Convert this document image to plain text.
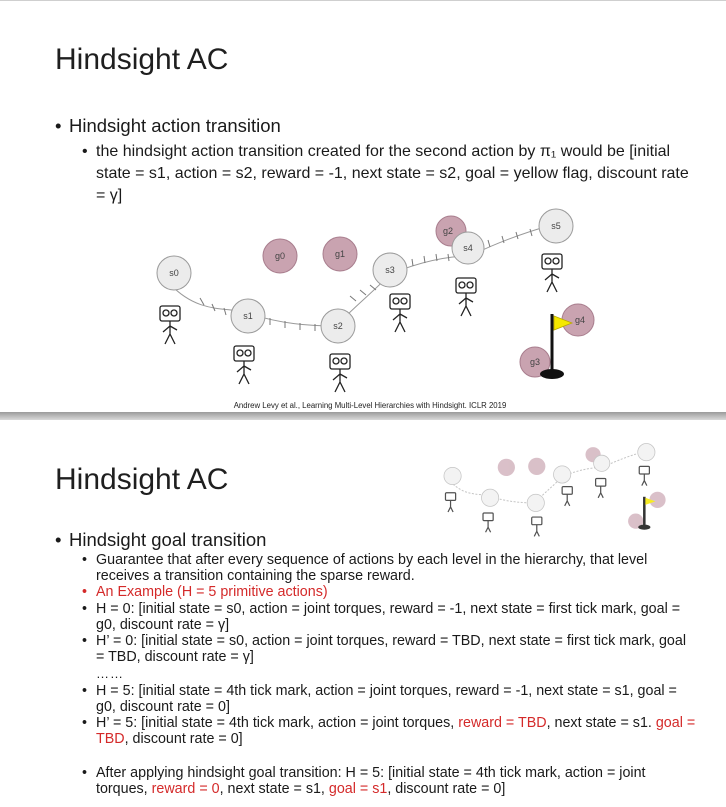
Hindsight AC
• Hindsight action transition
• the hindsight action transition created for the second action by π₁ would be [initial state = s1, action = s2, reward = -1, next state = s2, goal = yellow flag, discount rate = γ]
s0
s1
s2
s3
s4
s5
g0	g1
g2
g3
g4
Andrew Levy et al., Learning Multi-Level Hierarchies with Hindsight. ICLR 2019
Hindsight AC
• Hindsight goal transition
• Guarantee that after every sequence of actions by each level in the hierarchy, that level receives a transition containing the sparse reward.
• An Example (H = 5 primitive actions)
• H = 0: [initial state = s0, action = joint torques, reward = -1, next state = first tick mark, goal = g0, discount rate = γ]
• H’ = 0: [initial state = s0, action = joint torques, reward = TBD, next state = first tick mark, goal = TBD, discount rate = γ]
……
• H = 5: [initial state = 4th tick mark, action = joint torques, reward = -1, next state = s1, goal = g0, discount rate = 0]
• H’ = 5: [initial state = 4th tick mark, action = joint torques, reward = TBD, next state = s1. goal = TBD, discount rate = 0]
• After applying hindsight goal transition: H = 5: [initial state = 4th tick mark, action = joint torques, reward = 0, next state = s1, goal = s1, discount rate = 0]
